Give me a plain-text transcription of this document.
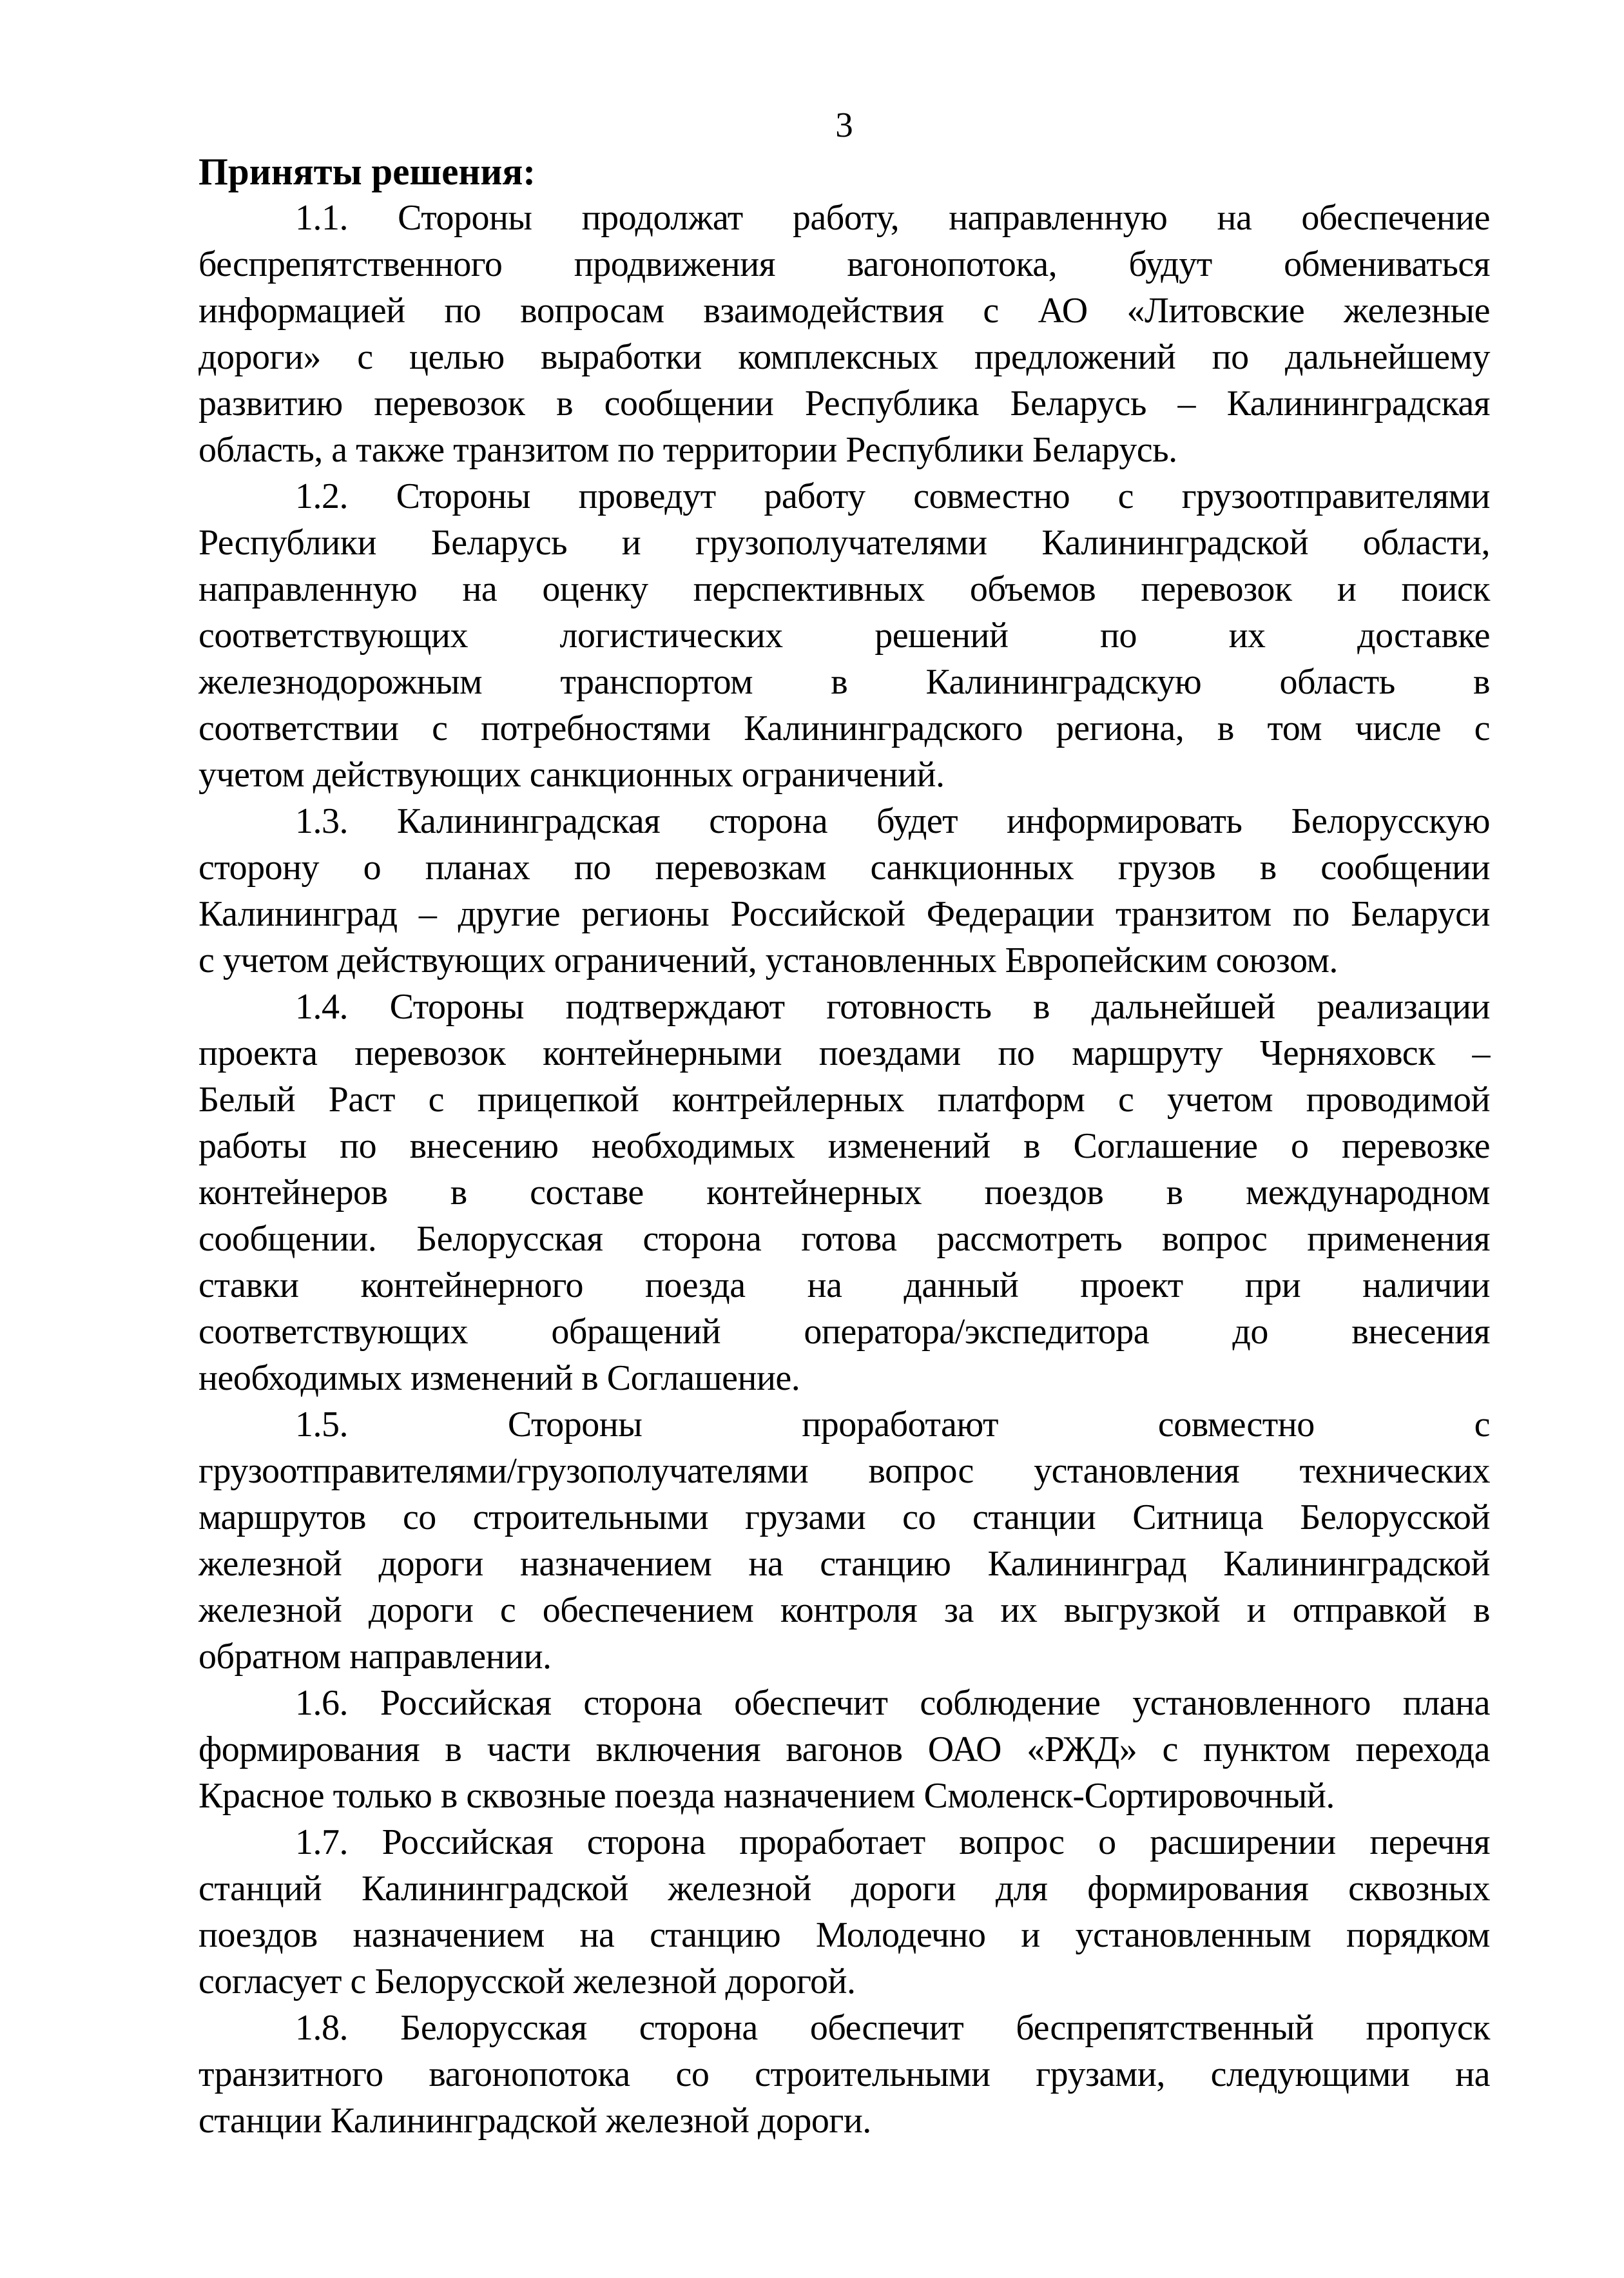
3
Приняты решения:
1.1. Стороны продолжат работу, направленную на обеспечение
беспрепятственного продвижения вагонопотока, будут обмениваться
информацией по вопросам взаимодействия с АО «Литовские железные
дороги» с целью выработки комплексных предложений по дальнейшему
развитию перевозок в сообщении Республика Беларусь – Калининградская
область, а также транзитом по территории Республики Беларусь.
1.2. Стороны проведут работу совместно с грузоотправителями
Республики Беларусь и грузополучателями Калининградской области,
направленную на оценку перспективных объемов перевозок и поиск
соответствующих логистических решений по их доставке
железнодорожным транспортом в Калининградскую область в
соответствии с потребностями Калининградского региона, в том числе с
учетом действующих санкционных ограничений.
1.3. Калининградская сторона будет информировать Белорусскую
сторону о планах по перевозкам санкционных грузов в сообщении
Калининград – другие регионы Российской Федерации транзитом по Беларуси
с учетом действующих ограничений, установленных Европейским союзом.
1.4. Стороны подтверждают готовность в дальнейшей реализации
проекта перевозок контейнерными поездами по маршруту Черняховск –
Белый Раст с прицепкой контрейлерных платформ с учетом проводимой
работы по внесению необходимых изменений в Соглашение о перевозке
контейнеров в составе контейнерных поездов в международном
сообщении. Белорусская сторона готова рассмотреть вопрос применения
ставки контейнерного поезда на данный проект при наличии
соответствующих обращений оператора/экспедитора до внесения
необходимых изменений в Соглашение.
1.5. Стороны проработают совместно с
грузоотправителями/грузополучателями вопрос установления технических
маршрутов со строительными грузами со станции Ситница Белорусской
железной дороги назначением на станцию Калининград Калининградской
железной дороги с обеспечением контроля за их выгрузкой и отправкой в
обратном направлении.
1.6. Российская сторона обеспечит соблюдение установленного плана
формирования в части включения вагонов ОАО «РЖД» с пунктом перехода
Красное только в сквозные поезда назначением Смоленск-Сортировочный.
1.7. Российская сторона проработает вопрос о расширении перечня
станций Калининградской железной дороги для формирования сквозных
поездов назначением на станцию Молодечно и установленным порядком
согласует с Белорусской железной дорогой.
1.8. Белорусская сторона обеспечит беспрепятственный пропуск
транзитного вагонопотока со строительными грузами, следующими на
станции Калининградской железной дороги.
